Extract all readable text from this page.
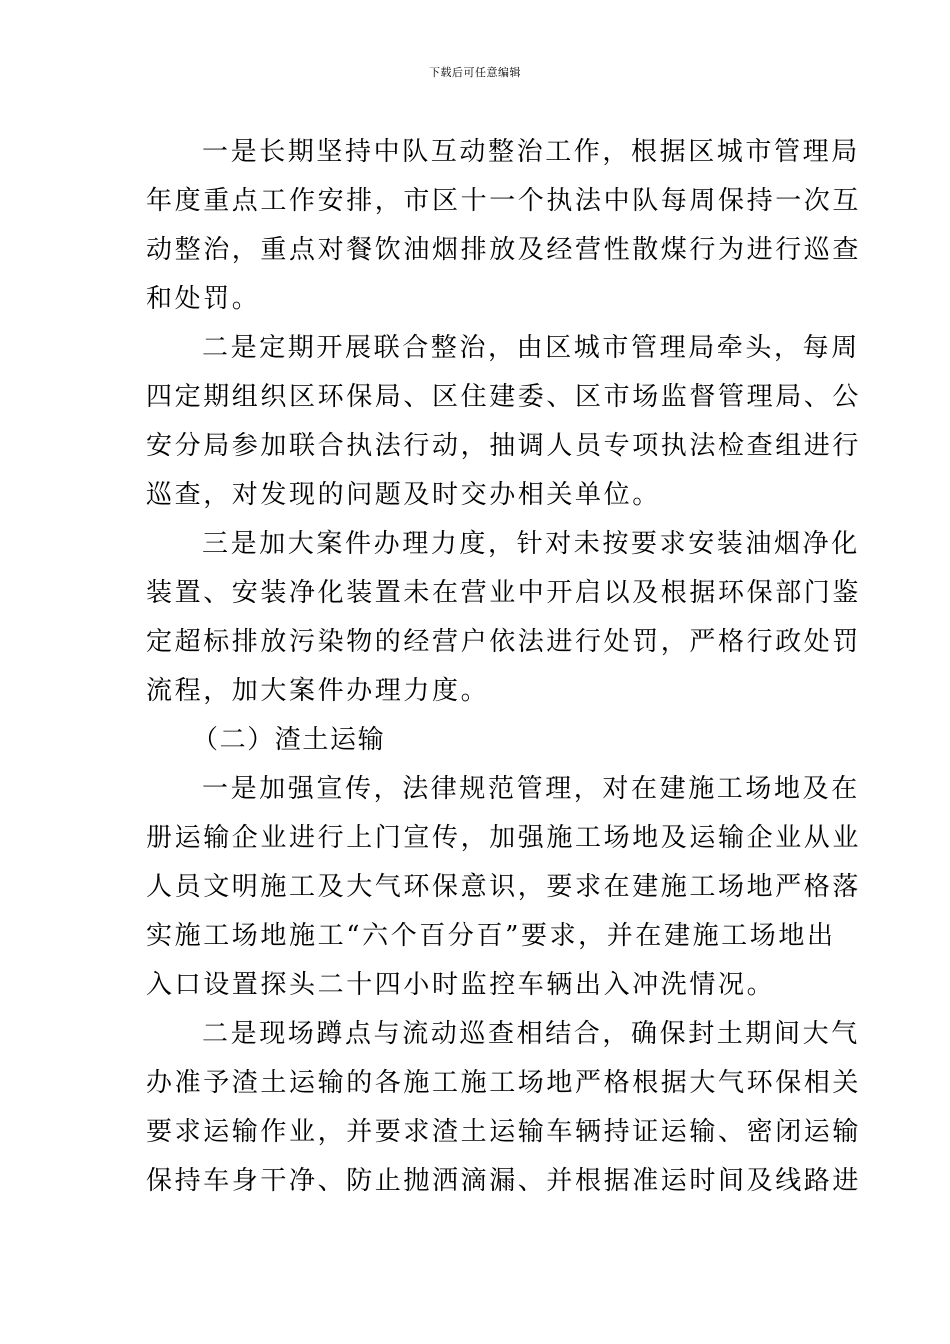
下载后可任意编辑
一是长期坚持中队互动整治工作，根据区城市管理局
年度重点工作安排，市区十一个执法中队每周保持一次互
动整治，重点对餐饮油烟排放及经营性散煤行为进行巡查
和处罚。
二是定期开展联合整治，由区城市管理局牵头，每周
四定期组织区环保局、区住建委、区市场监督管理局、公
安分局参加联合执法行动，抽调人员专项执法检查组进行
巡查，对发现的问题及时交办相关单位。
三是加大案件办理力度，针对未按要求安装油烟净化
装置、安装净化装置未在营业中开启以及根据环保部门鉴
定超标排放污染物的经营户依法进行处罚，严格行政处罚
流程，加大案件办理力度。
（二）渣土运输
一是加强宣传，法律规范管理，对在建施工场地及在
册运输企业进行上门宣传，加强施工场地及运输企业从业
人员文明施工及大气环保意识，要求在建施工场地严格落
实施工场地施工“六个百分百”要求，并在建施工场地出
入口设置探头二十四小时监控车辆出入冲洗情况。
二是现场蹲点与流动巡查相结合，确保封土期间大气
办准予渣土运输的各施工施工场地严格根据大气环保相关
要求运输作业，并要求渣土运输车辆持证运输、密闭运输
保持车身干净、防止抛洒滴漏、并根据准运时间及线路进
